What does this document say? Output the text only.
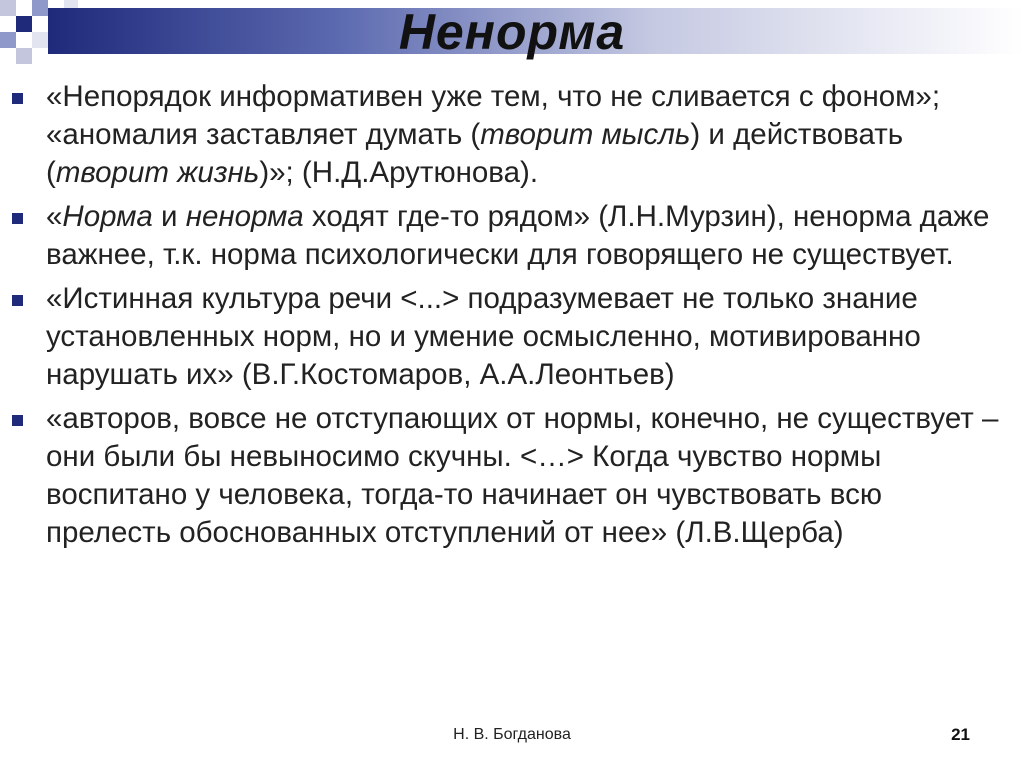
Ненорма
«Непорядок информативен уже тем, что не сливается с фоном»; «аномалия заставляет думать (творит мысль) и действовать (творит жизнь)»; (Н.Д.Арутюнова).
«Норма и ненорма ходят где-то рядом» (Л.Н.Мурзин), ненорма даже важнее, т.к. норма психологически для говорящего не существует.
«Истинная культура речи <...> подразумевает не только знание установленных норм, но и умение осмысленно, мотивированно нарушать их» (В.Г.Костомаров, А.А.Леонтьев)
«авторов, вовсе не отступающих от нормы, конечно, не существует – они были бы невыносимо скучны. <…> Когда чувство нормы воспитано у человека, тогда-то начинает он чувствовать всю прелесть обоснованных отступлений от нее» (Л.В.Щерба)
Н. В. Богданова	21
